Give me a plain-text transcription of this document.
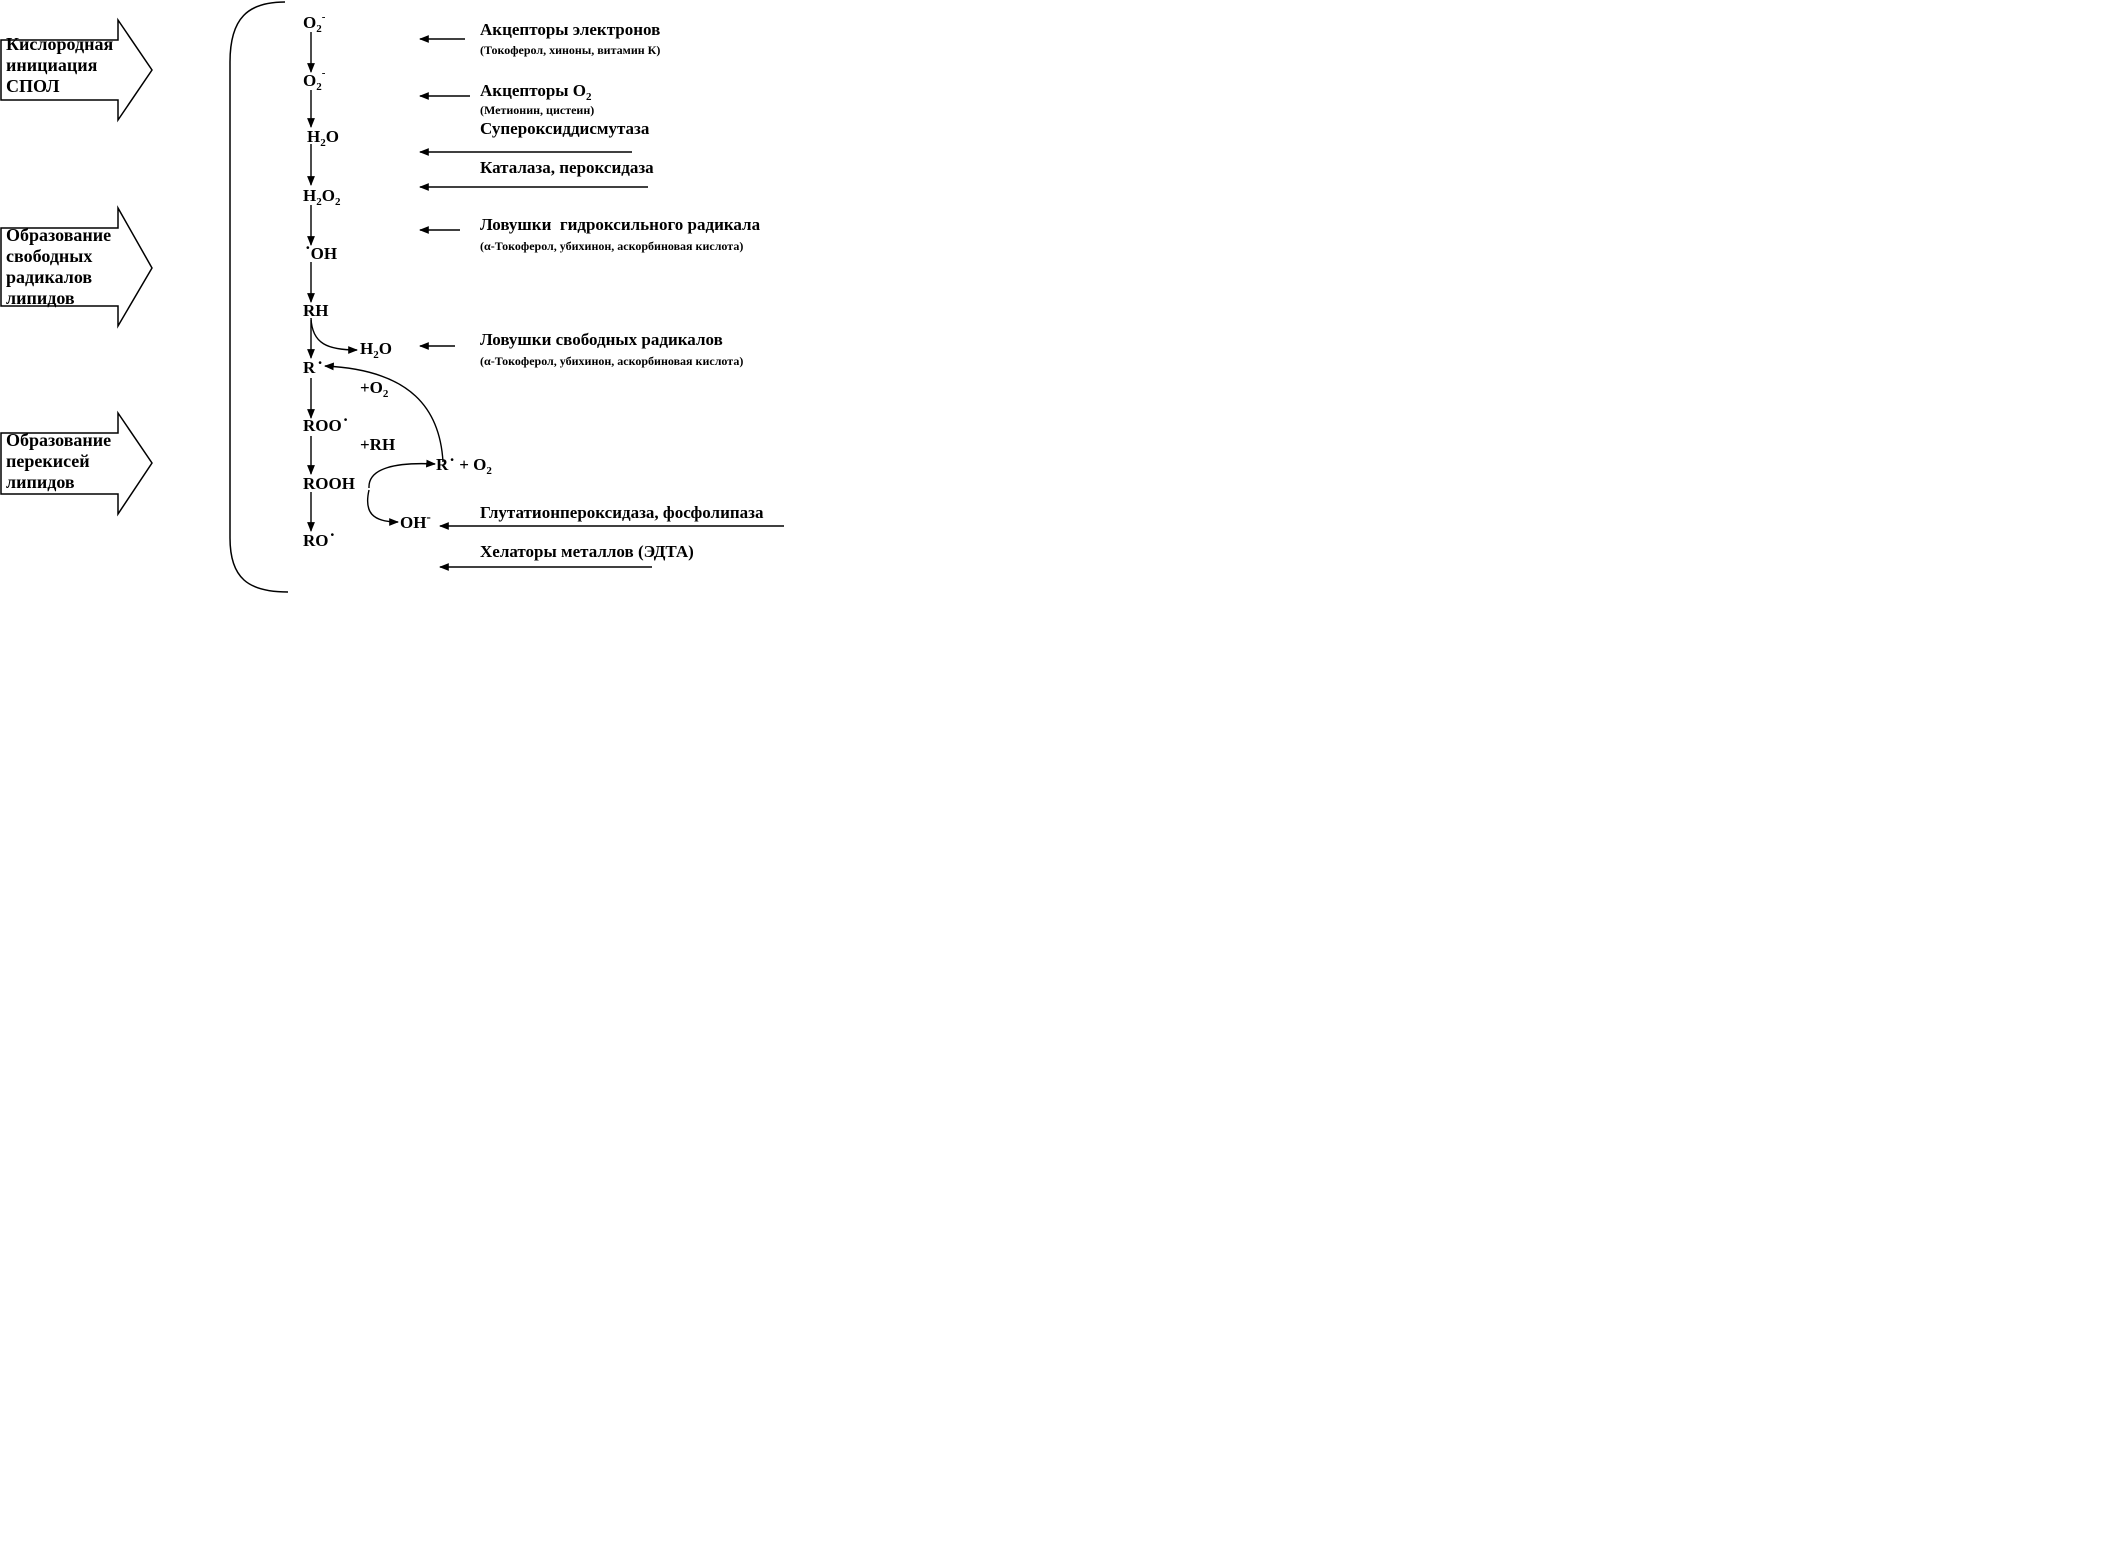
Кислородная
инициация
СПОЛ
Образование
свободных
радикалов
липидов
Образование
перекисей
липидов
$O_2^-$
$O_2^-$
$H_2O$
$H_2O_2$
·OH
RH
$H_2O$
R ·
$+O_2$
ROO·
+RH
ROOH
$R\cdot + O_2$
OH-
RO·
Акцепторы электронов
(Токоферол, хиноны, витамин К)
Акцепторы $О_2$
(Метионин, цистеин)
Супероксиддисмутаза
Каталаза, пероксидаза
Ловушки  гидроксильного радикала
(α-Токоферол, убихинон, аскорбиновая кислота)
Ловушки свободных радикалов
(α-Токоферол, убихинон, аскорбиновая кислота)
Глутатионпероксидаза, фосфолипаза
Хелаторы металлов (ЭДТА)
